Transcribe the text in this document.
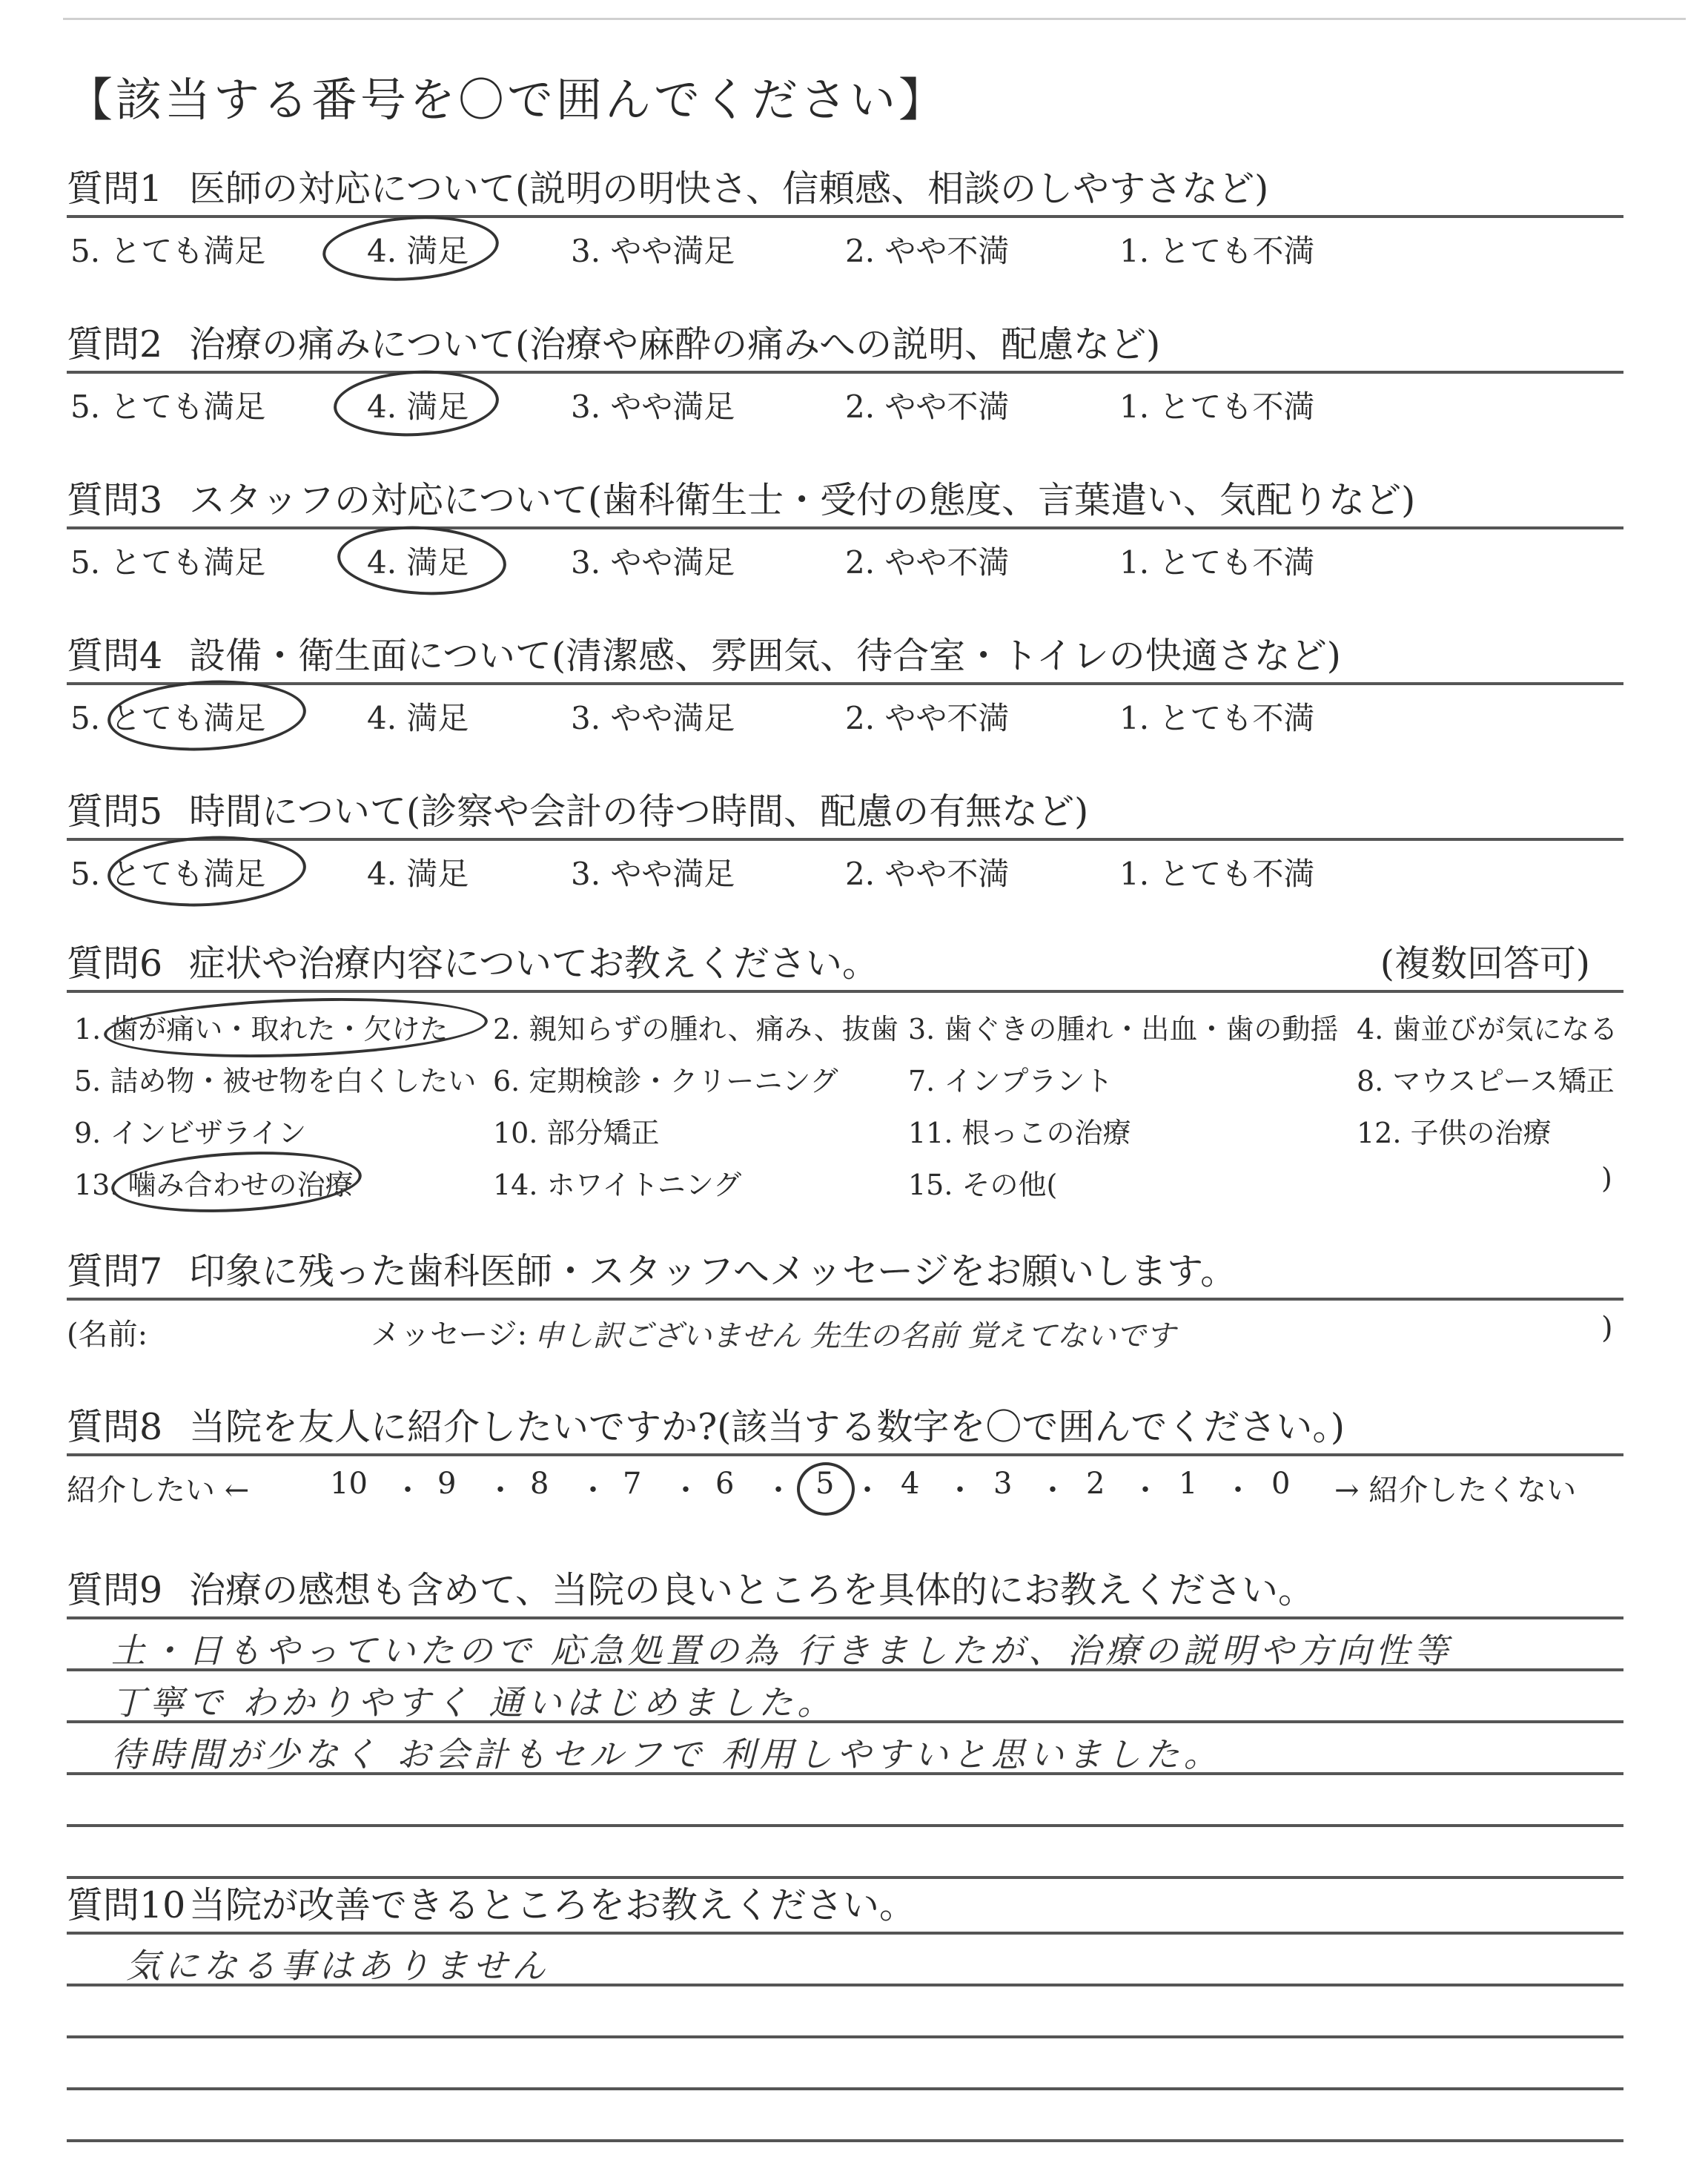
【該当する番号を〇で囲んでください】
質問1 医師の対応について(説明の明快さ、信頼感、相談のしやすさなど)
5. とても満足	4. 満足	3. やや満足	2. やや不満	1. とても不満
質問2 治療の痛みについて(治療や麻酔の痛みへの説明、配慮など)
5. とても満足	4. 満足	3. やや満足	2. やや不満	1. とても不満
質問3 スタッフの対応について(歯科衛生士・受付の態度、言葉遣い、気配りなど)
5. とても満足	4. 満足	3. やや満足	2. やや不満	1. とても不満
質問4 設備・衛生面について(清潔感、雰囲気、待合室・トイレの快適さなど)
5. とても満足	4. 満足	3. やや満足	2. やや不満	1. とても不満
質問5 時間について(診察や会計の待つ時間、配慮の有無など)
5. とても満足	4. 満足	3. やや満足	2. やや不満	1. とても不満
質問6 症状や治療内容についてお教えください。	(複数回答可)
1. 歯が痛い・取れた・欠けた 2. 親知らずの腫れ、痛み、抜歯 3. 歯ぐきの腫れ・出血・歯の動揺 4. 歯並びが気になる
5. 詰め物・被せ物を白くしたい 6. 定期検診・クリーニング 7. インプラント	8. マウスピース矯正
9. インビザライン	10. 部分矯正	11. 根っこの治療	12. 子供の治療
13. 噛み合わせの治療	14. ホワイトニング	15. その他(	)
質問7 印象に残った歯科医師・スタッフへメッセージをお願いします。
(名前:	メッセージ: 申し訳ございません 先生の名前 覚えてないです	)
質問8 当院を友人に紹介したいですか?(該当する数字を〇で囲んでください。)
紹介したい ←	10 ・ 9 ・ 8 ・ 7 ・ 6 ・ 5 ・ 4 ・ 3 ・ 2 ・ 1 ・ 0 → 紹介したくない
質問9 治療の感想も含めて、当院の良いところを具体的にお教えください。
土・日もやっていたので 応急処置の為 行きましたが、治療の説明や方向性等
丁寧で わかりやすく 通いはじめました。
待時間が少なく お会計もセルフで 利用しやすいと思いました。
質問10当院が改善できるところをお教えください。
気になる事はありません
